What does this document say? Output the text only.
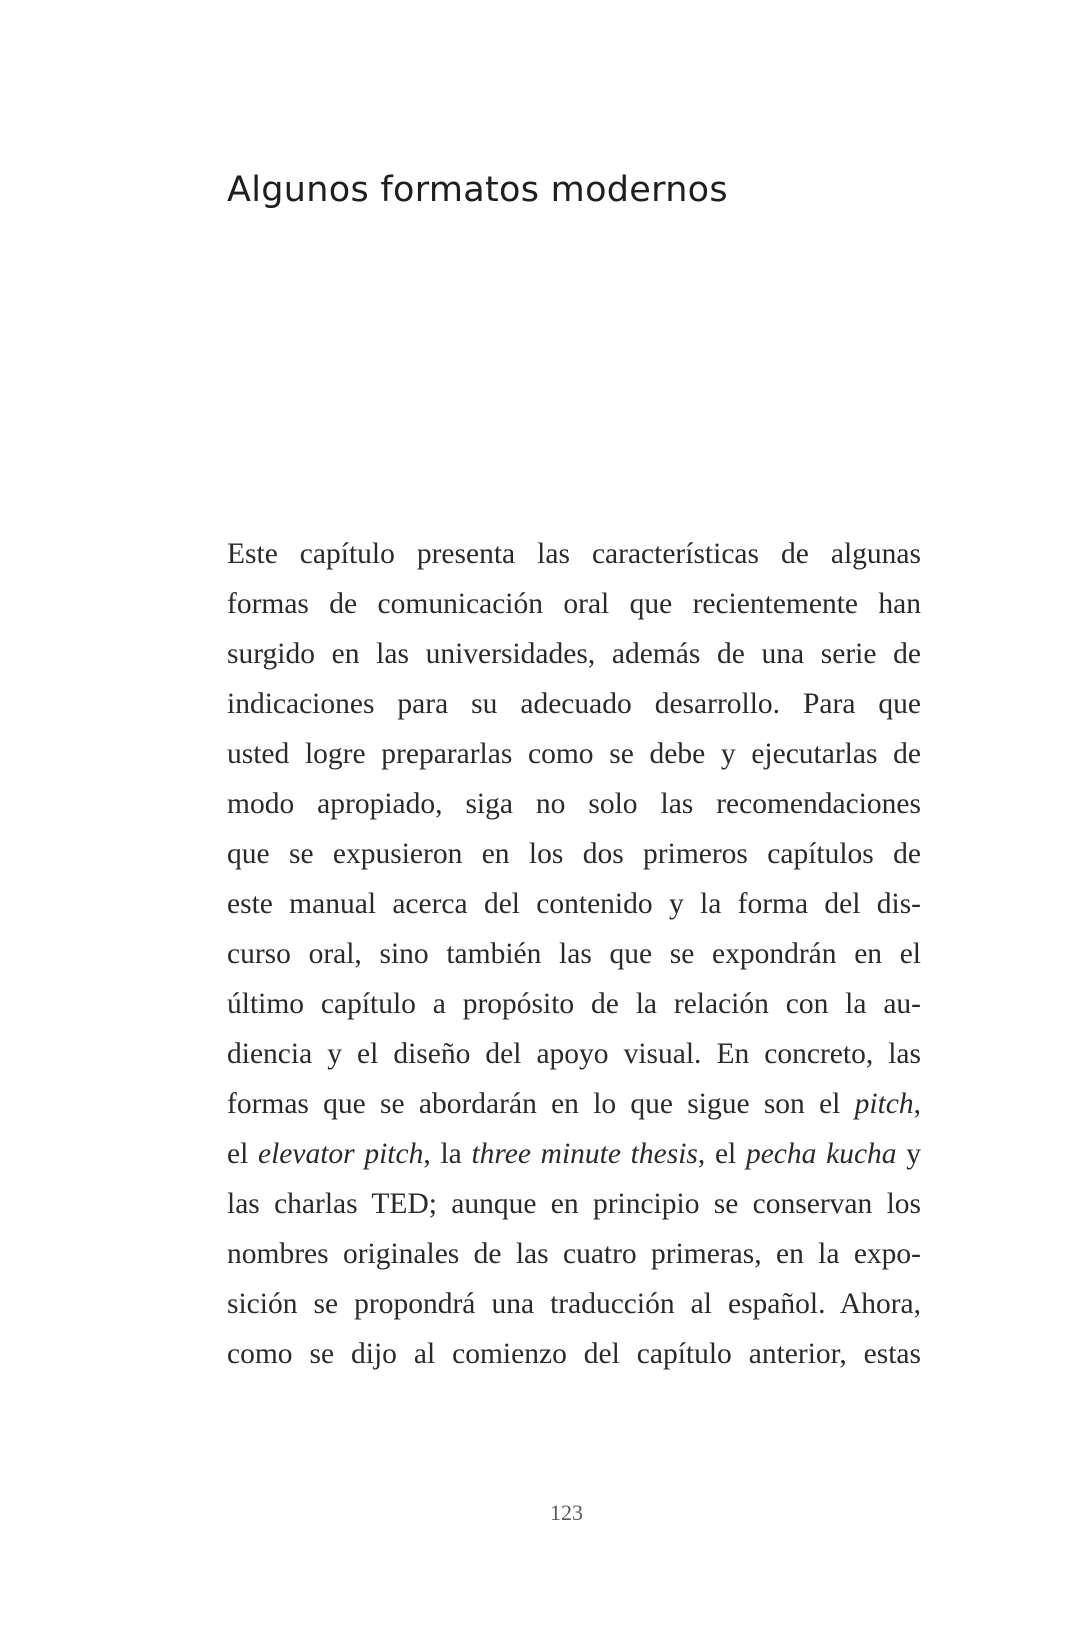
Algunos formatos modernos
Este capítulo presenta las características de algunas
formas de comunicación oral que recientemente han
surgido en las universidades, además de una serie de
indicaciones para su adecuado desarrollo. Para que
usted logre prepararlas como se debe y ejecutarlas de
modo apropiado, siga no solo las recomendaciones
que se expusieron en los dos primeros capítulos de
este manual acerca del contenido y la forma del dis-
curso oral, sino también las que se expondrán en el
último capítulo a propósito de la relación con la au-
diencia y el diseño del apoyo visual. En concreto, las
formas que se abordarán en lo que sigue son el pitch,
el elevator pitch, la three minute thesis, el pecha kucha y
las charlas TED; aunque en principio se conservan los
nombres originales de las cuatro primeras, en la expo-
sición se propondrá una traducción al español. Ahora,
como se dijo al comienzo del capítulo anterior, estas
123
